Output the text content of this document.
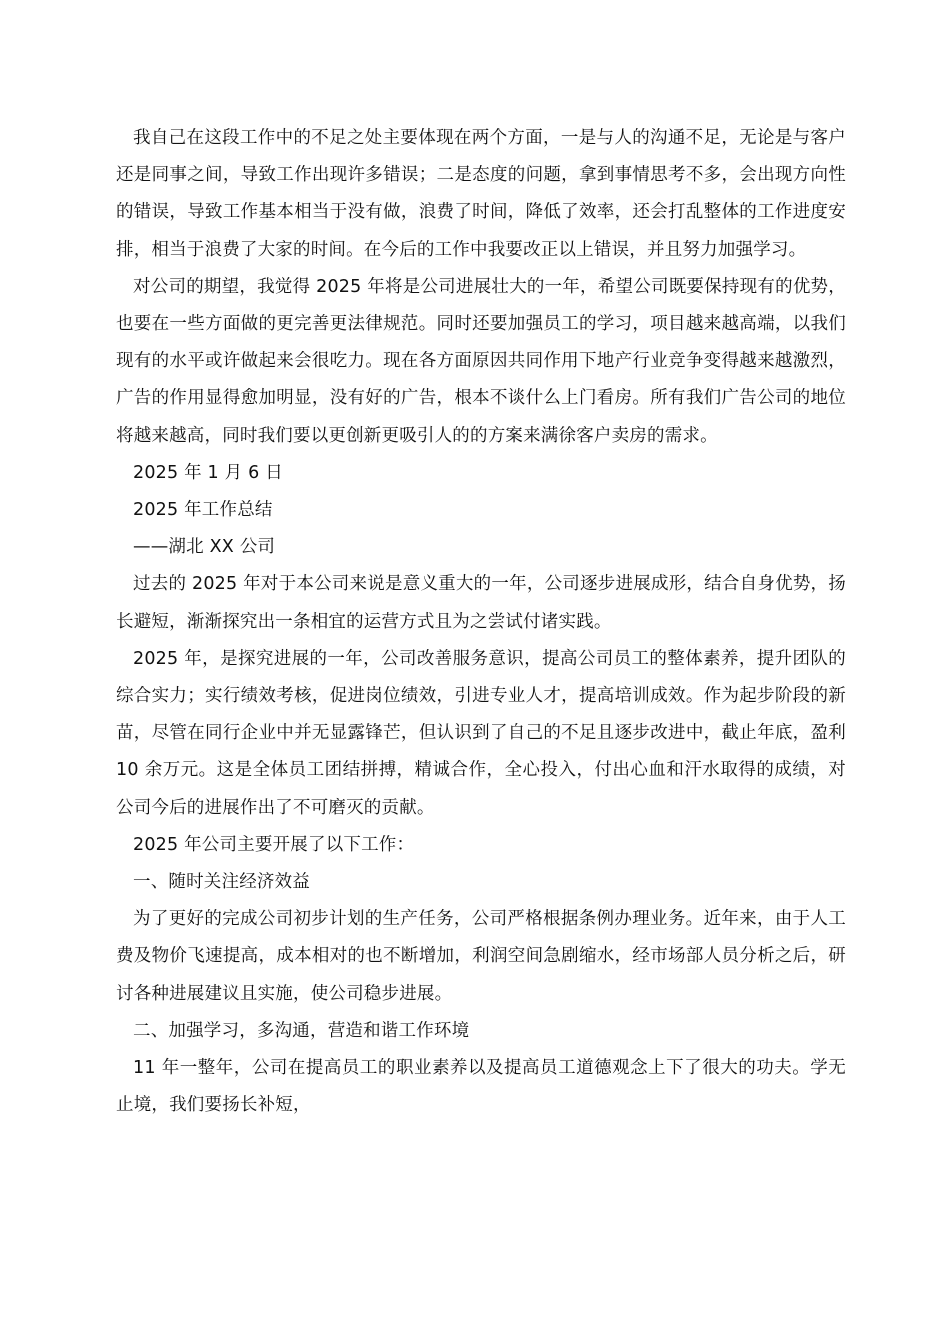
我自己在这段工作中的不足之处主要体现在两个方面，一是与人的沟通不足，无论是与客户还是同事之间，导致工作出现许多错误；二是态度的问题，拿到事情思考不多，会出现方向性的错误，导致工作基本相当于没有做，浪费了时间，降低了效率，还会打乱整体的工作进度安排，相当于浪费了大家的时间。在今后的工作中我要改正以上错误，并且努力加强学习。

对公司的期望，我觉得 2025 年将是公司进展壮大的一年，希望公司既要保持现有的优势，也要在一些方面做的更完善更法律规范。同时还要加强员工的学习，项目越来越高端，以我们现有的水平或许做起来会很吃力。现在各方面原因共同作用下地产行业竞争变得越来越激烈，广告的作用显得愈加明显，没有好的广告，根本不谈什么上门看房。所有我们广告公司的地位将越来越高，同时我们要以更创新更吸引人的的方案来满徐客户卖房的需求。

2025 年 1 月 6 日

2025 年工作总结

——湖北 XX 公司

过去的 2025 年对于本公司来说是意义重大的一年，公司逐步进展成形，结合自身优势，扬长避短，渐渐探究出一条相宜的运营方式且为之尝试付诸实践。

2025 年，是探究进展的一年，公司改善服务意识，提高公司员工的整体素养，提升团队的综合实力；实行绩效考核，促进岗位绩效，引进专业人才，提高培训成效。作为起步阶段的新苗，尽管在同行企业中并无显露锋芒，但认识到了自己的不足且逐步改进中，截止年底，盈利 10 余万元。这是全体员工团结拼搏，精诚合作，全心投入，付出心血和汗水取得的成绩，对公司今后的进展作出了不可磨灭的贡献。

2025 年公司主要开展了以下工作：

一、随时关注经济效益

为了更好的完成公司初步计划的生产任务，公司严格根据条例办理业务。近年来，由于人工费及物价飞速提高，成本相对的也不断增加，利润空间急剧缩水，经市场部人员分析之后，研讨各种进展建议且实施，使公司稳步进展。

二、加强学习，多沟通，营造和谐工作环境

11 年一整年，公司在提高员工的职业素养以及提高员工道德观念上下了很大的功夫。学无止境，我们要扬长补短，
